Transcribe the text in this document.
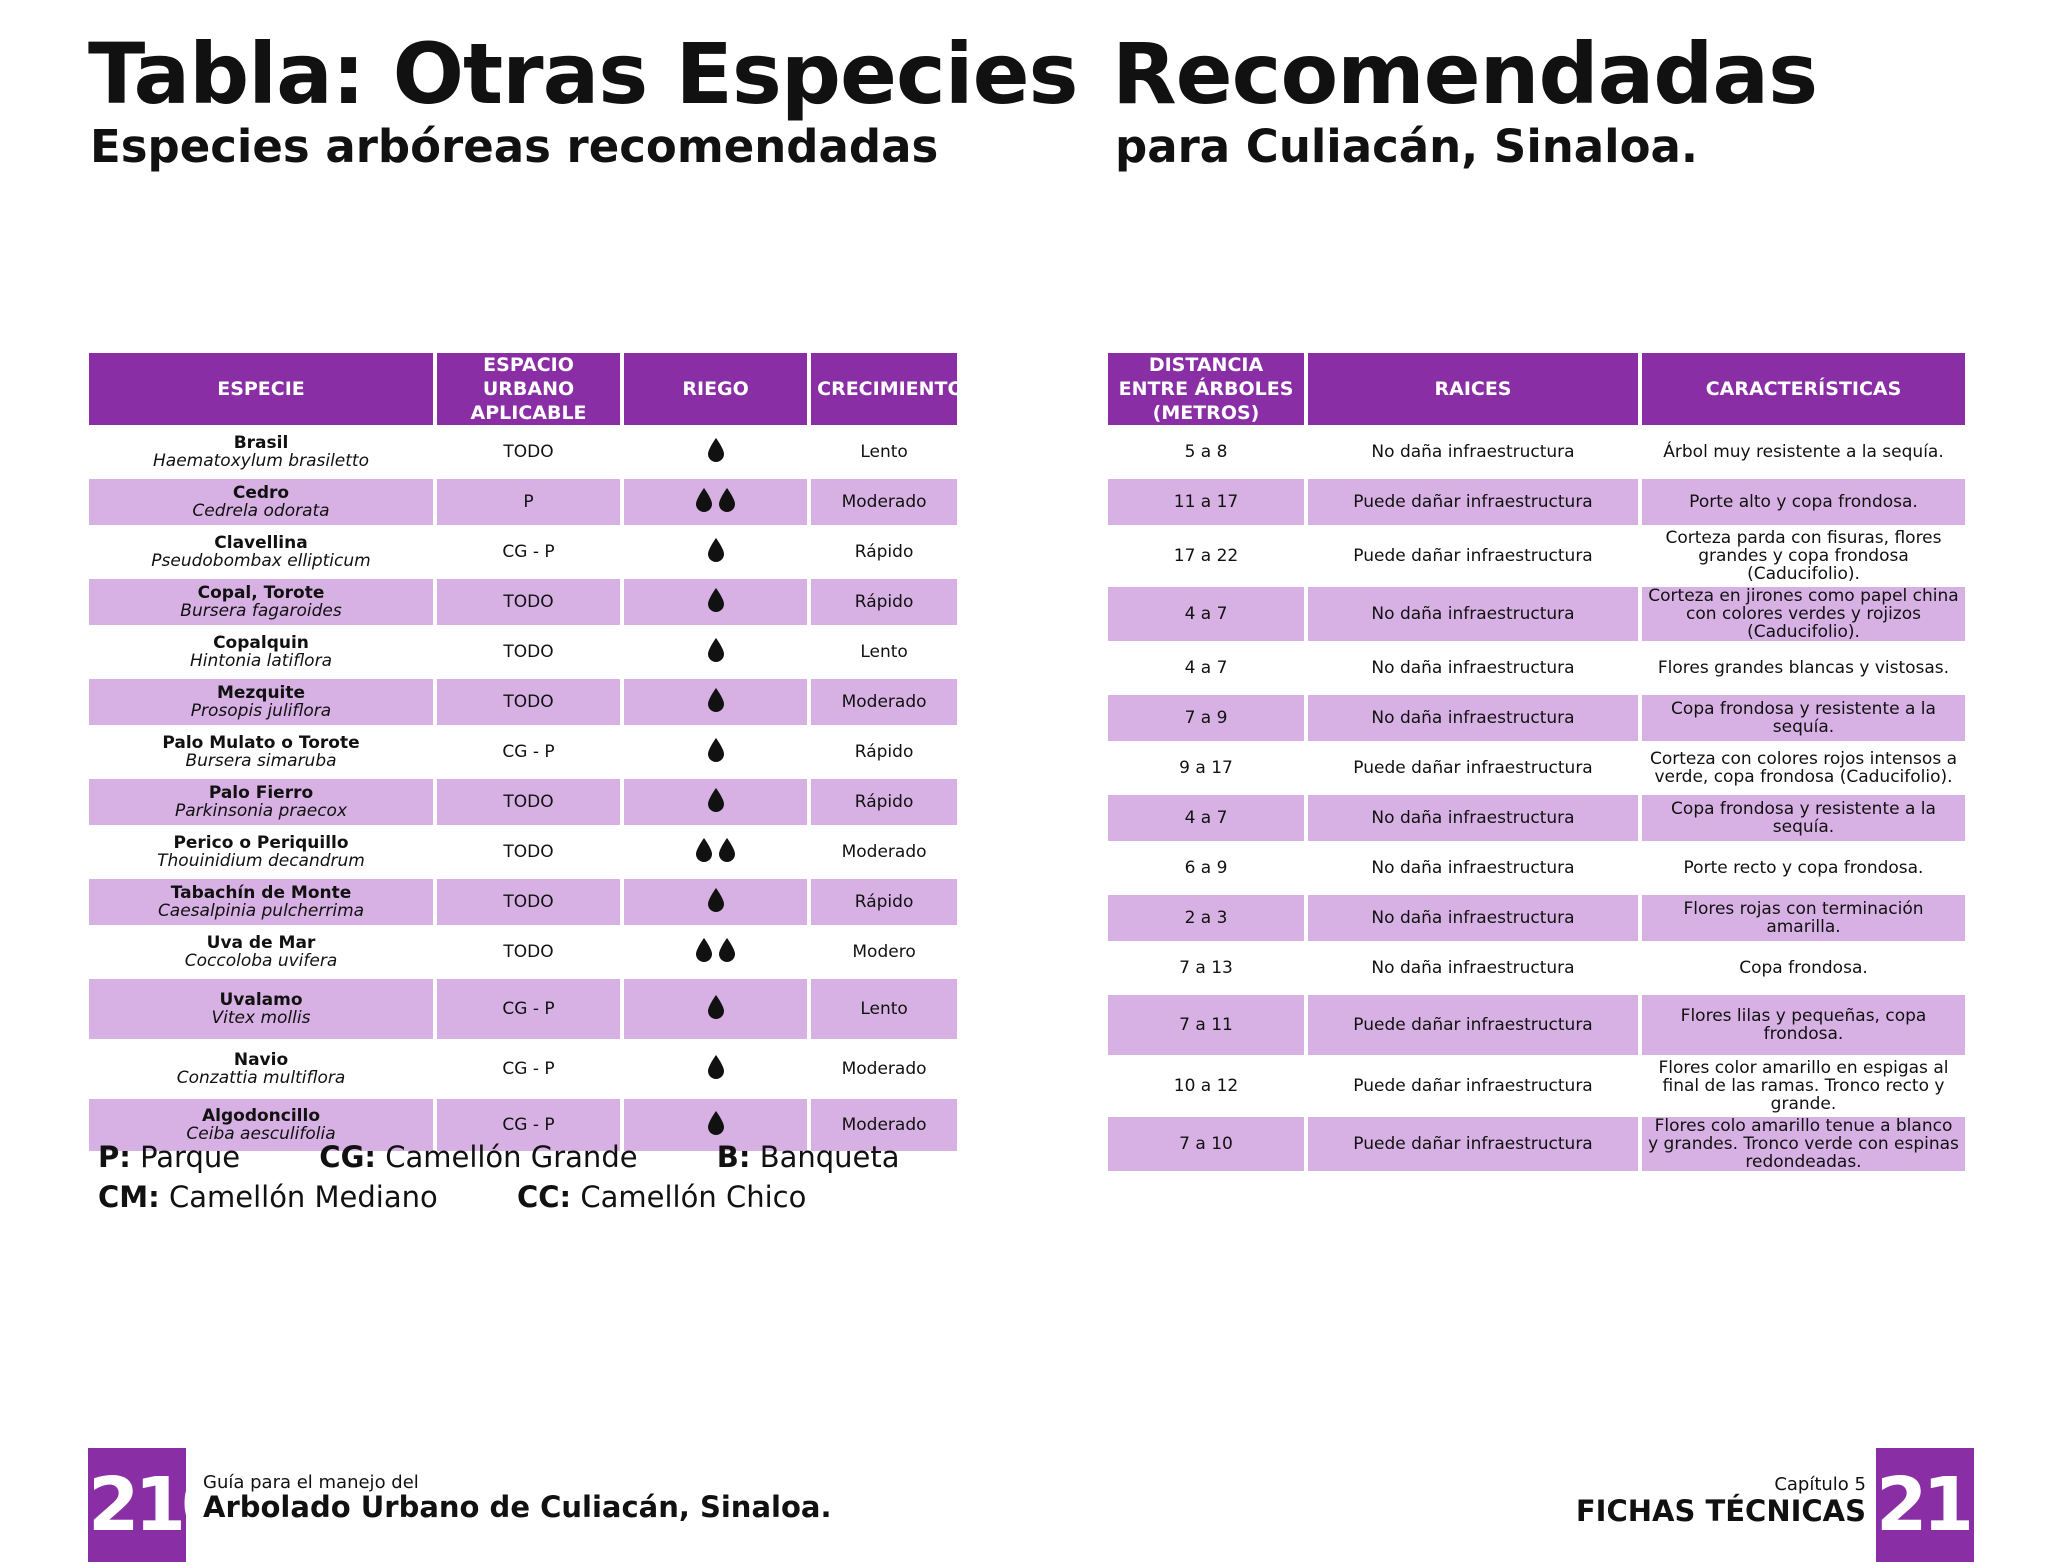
Tabla: Otras Especies
Especies arbóreas recomendadas
Recomendadas
para Culiacán, Sinaloa.
ESPECIE	ESPACIO URBANO APLICABLE	RIEGO	CRECIMIENTO

Brasil
Haematoxylum brasiletto	TODO		Lento

Cedro
Cedrela odorata	P		Moderado

Clavellina
Pseudobombax ellipticum	CG - P		Rápido

Copal, Torote
Bursera fagaroides	TODO		Rápido

Copalquin
Hintonia latiflora	TODO		Lento

Mezquite
Prosopis juliflora	TODO		Moderado

Palo Mulato o Torote
Bursera simaruba	CG - P		Rápido

Palo Fierro
Parkinsonia praecox	TODO		Rápido

Perico o Periquillo
Thouinidium decandrum	TODO		Moderado

Tabachín de Monte
Caesalpinia pulcherrima	TODO		Rápido

Uva de Mar
Coccoloba uvifera	TODO		Modero

Uvalamo
Vitex mollis	CG - P		Lento

Navio
Conzattia multiflora	CG - P		Moderado

Algodoncillo
Ceiba aesculifolia	CG - P		Moderado
DISTANCIA ENTRE ÁRBOLES (METROS)	RAICES	CARACTERÍSTICAS
5 a 8	No daña infraestructura	Árbol muy resistente a la sequía.
11 a 17	Puede dañar infraestructura	Porte alto y copa frondosa.
17 a 22	Puede dañar infraestructura	Corteza parda con fisuras, flores grandes y copa frondosa (Caducifolio).
4 a 7	No daña infraestructura	Corteza en jirones como papel china con colores verdes y rojizos (Caducifolio).
4 a 7	No daña infraestructura	Flores grandes blancas y vistosas.
7 a 9	No daña infraestructura	Copa frondosa y resistente a la sequía.
9 a 17	Puede dañar infraestructura	Corteza con colores rojos intensos a verde, copa frondosa (Caducifolio).
4 a 7	No daña infraestructura	Copa frondosa y resistente a la sequía.
6 a 9	No daña infraestructura	Porte recto y copa frondosa.
2 a 3	No daña infraestructura	Flores rojas con terminación amarilla.
7 a 13	No daña infraestructura	Copa frondosa.
7 a 11	Puede dañar infraestructura	Flores lilas y pequeñas, copa frondosa.
10 a 12	Puede dañar infraestructura	Flores color amarillo en espigas al final de las ramas. Tronco recto y grande.
7 a 10	Puede dañar infraestructura	Flores colo amarillo tenue a blanco y grandes. Tronco verde con espinas redondeadas.

P: Parque	CG: Camellón Grande	B: Banqueta

CM: Camellón Mediano	CC: Camellón Chico

210

Guía para el manejo del

Arbolado Urbano de Culiacán, Sinaloa.	211

Capítulo 5

FICHAS TÉCNICAS
